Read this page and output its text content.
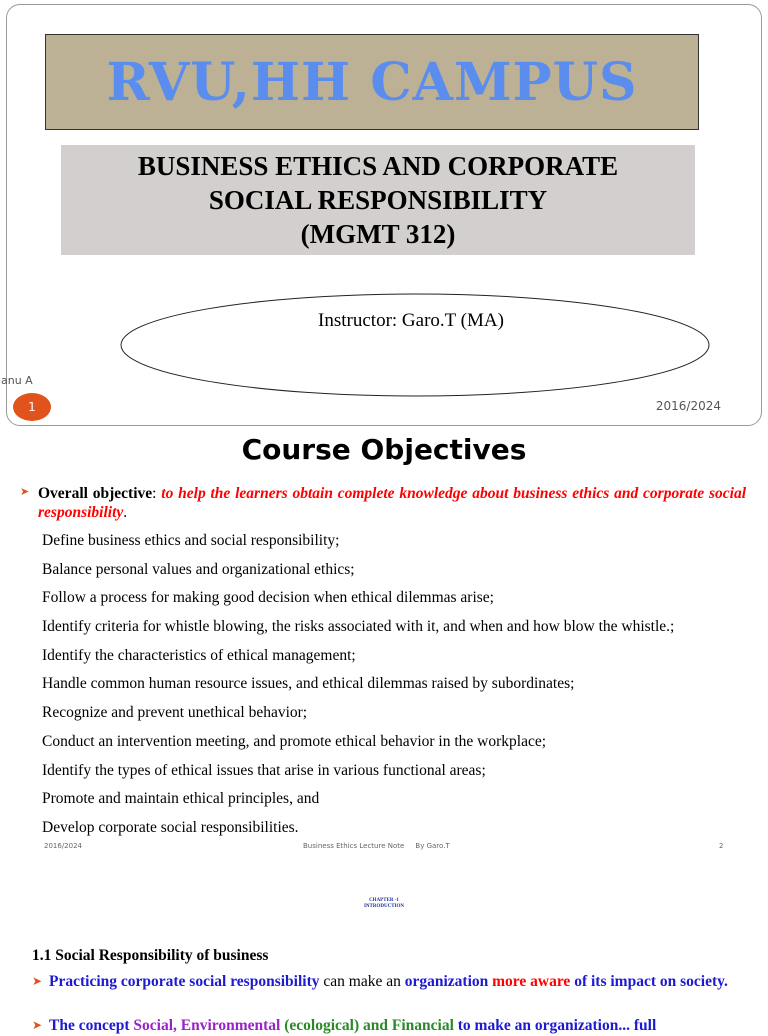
RVU,HH CAMPUS
BUSINESS ETHICS AND CORPORATE
SOCIAL RESPONSIBILITY
(MGMT 312)
Instructor: Garo.T (MA)
anu A
1	2016/2024
Course Objectives
➤ Overall objective: to help the learners obtain complete knowledge about business ethics and corporate social responsibility.
Define business ethics and social responsibility;
Balance personal values and organizational ethics;
Follow a process for making good decision when ethical dilemmas arise;
Identify criteria for whistle blowing, the risks associated with it, and when and how blow the whistle.;
Identify the characteristics of ethical management;
Handle common human resource issues, and ethical dilemmas raised by subordinates;
Recognize and prevent unethical behavior;
Conduct an intervention meeting, and promote ethical behavior in the workplace;
Identify the types of ethical issues that arise in various functional areas;
Promote and maintain ethical principles, and
Develop corporate social responsibilities.
2016/2024	Business Ethics Lecture Note     By Garo.T	2
CHAPTER -1
INTRODUCTION
1.1 Social Responsibility of business
➤ Practicing corporate social responsibility can make an organization more aware of its impact on society.
➤ The concept Social, Environmental (ecological) and Financial to make an organization... full
